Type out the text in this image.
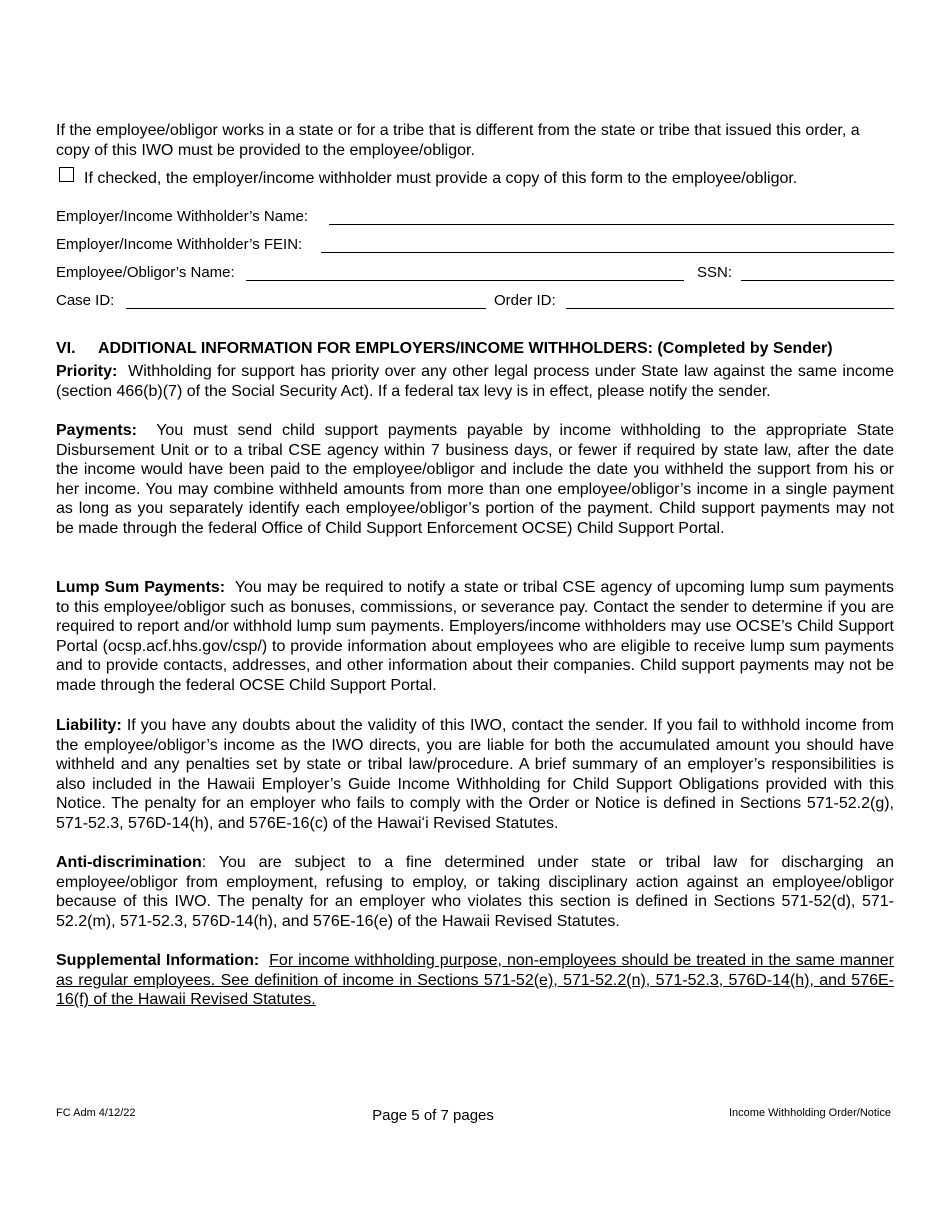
If the employee/obligor works in a state or for a tribe that is different from the state or tribe that issued this order, a copy of this IWO must be provided to the employee/obligor.
If checked, the employer/income withholder must provide a copy of this form to the employee/obligor.
Employer/Income Withholder’s Name:
Employer/Income Withholder’s FEIN:
Employee/Obligor’s Name:	SSN:
Case ID:	Order ID:
VI. ADDITIONAL INFORMATION FOR EMPLOYERS/INCOME WITHHOLDERS: (Completed by Sender)
Priority: Withholding for support has priority over any other legal process under State law against the same income (section 466(b)(7) of the Social Security Act). If a federal tax levy is in effect, please notify the sender.
Payments: You must send child support payments payable by income withholding to the appropriate State Disbursement Unit or to a tribal CSE agency within 7 business days, or fewer if required by state law, after the date the income would have been paid to the employee/obligor and include the date you withheld the support from his or her income. You may combine withheld amounts from more than one employee/obligor’s income in a single payment as long as you separately identify each employee/obligor’s portion of the payment. Child support payments may not be made through the federal Office of Child Support Enforcement OCSE) Child Support Portal.
Lump Sum Payments: You may be required to notify a state or tribal CSE agency of upcoming lump sum payments to this employee/obligor such as bonuses, commissions, or severance pay. Contact the sender to determine if you are required to report and/or withhold lump sum payments. Employers/income withholders may use OCSE’s Child Support Portal (ocsp.acf.hhs.gov/csp/) to provide information about employees who are eligible to receive lump sum payments and to provide contacts, addresses, and other information about their companies. Child support payments may not be made through the federal OCSE Child Support Portal.
Liability: If you have any doubts about the validity of this IWO, contact the sender. If you fail to withhold income from the employee/obligor’s income as the IWO directs, you are liable for both the accumulated amount you should have withheld and any penalties set by state or tribal law/procedure. A brief summary of an employer’s responsibilities is also included in the Hawaii Employer’s Guide Income Withholding for Child Support Obligations provided with this Notice. The penalty for an employer who fails to comply with the Order or Notice is defined in Sections 571-52.2(g), 571-52.3, 576D-14(h), and 576E-16(c) of the Hawaiʻi Revised Statutes.
Anti-discrimination: You are subject to a fine determined under state or tribal law for discharging an employee/obligor from employment, refusing to employ, or taking disciplinary action against an employee/obligor because of this IWO. The penalty for an employer who violates this section is defined in Sections 571-52(d), 571-52.2(m), 571-52.3, 576D-14(h), and 576E-16(e) of the Hawaii Revised Statutes.
Supplemental Information: For income withholding purpose, non-employees should be treated in the same manner as regular employees. See definition of income in Sections 571-52(e), 571-52.2(n), 571-52.3, 576D-14(h), and 576E-16(f) of the Hawaii Revised Statutes.
FC Adm 4/12/22	Page 5 of 7 pages	Income Withholding Order/Notice
